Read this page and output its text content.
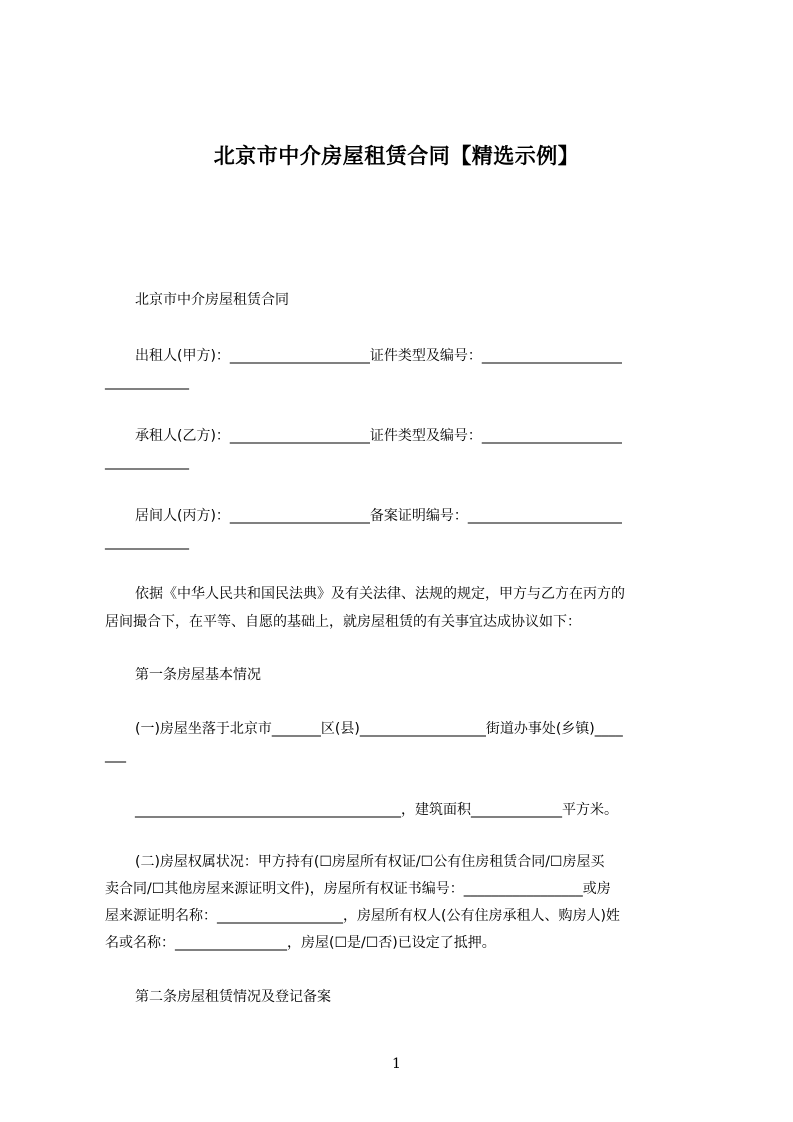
北京市中介房屋租赁合同【精选示例】
北京市中介房屋租赁合同
出租人(甲方)：____________________证件类型及编号：____________________
____________
承租人(乙方)：____________________证件类型及编号：____________________
____________
居间人(丙方)：____________________备案证明编号：______________________
____________
依据《中华人民共和国民法典》及有关法律、法规的规定，甲方与乙方在丙方的
居间撮合下，在平等、自愿的基础上，就房屋租赁的有关事宜达成协议如下：
第一条房屋基本情况
(一)房屋坐落于北京市_______区(县)__________________街道办事处(乡镇)____
___
______________________________________，建筑面积_____________平方米。
(二)房屋权属状况：甲方持有(☐房屋所有权证/☐公有住房租赁合同/☐房屋买
卖合同/☐其他房屋来源证明文件)，房屋所有权证书编号：_________________或房
屋来源证明名称：__________________，房屋所有权人(公有住房承租人、购房人)姓
名或名称：________________，房屋(☐是/☐否)已设定了抵押。
第二条房屋租赁情况及登记备案
1
